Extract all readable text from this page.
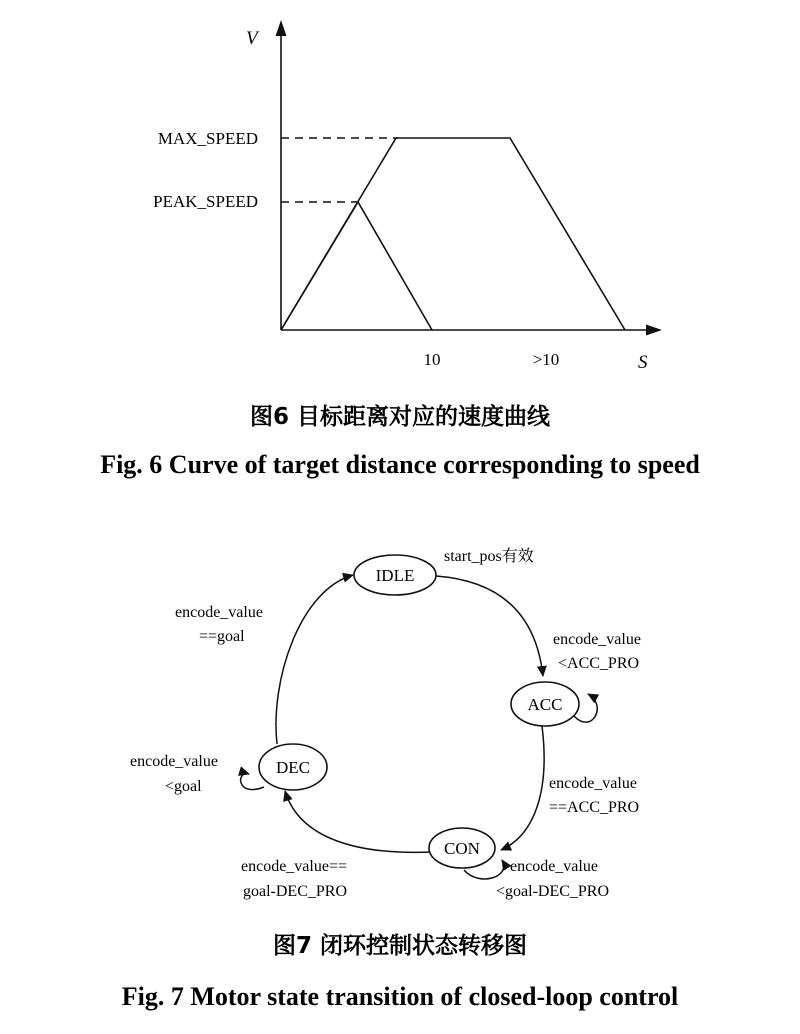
V
S
MAX_SPEED
PEAK_SPEED
10	>10
图6 目标距离对应的速度曲线
Fig. 6 Curve of target distance corresponding to speed
IDLE
ACC
CON
DEC
start_pos有效
encode_value
<ACC_PRO
encode_value
==ACC_PRO
encode_value
<goal-DEC_PRO
encode_value==
goal-DEC_PRO
encode_value
<goal
encode_value
==goal
图7 闭环控制状态转移图
Fig. 7 Motor state transition of closed-loop control
